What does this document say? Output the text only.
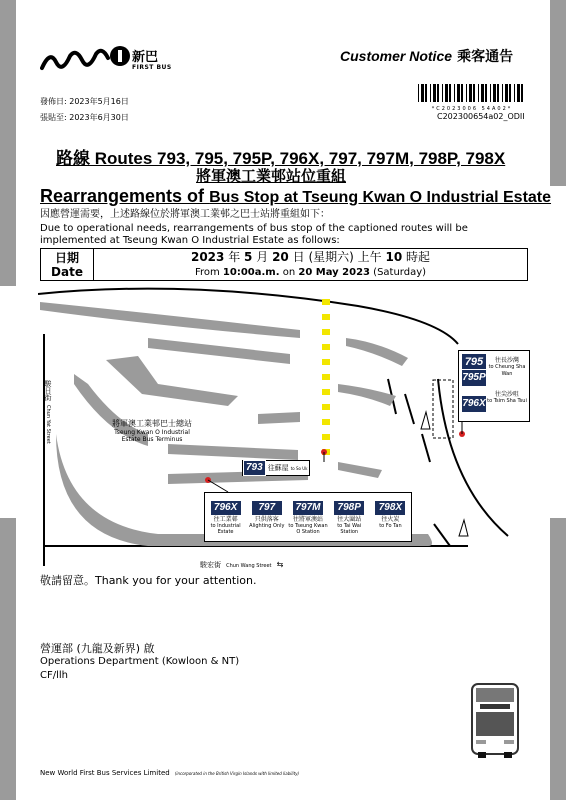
新巴
FIRST BUS
Customer Notice 乘客通告
*C2023006 54A02*
發佈日: 2023年5月16日
張貼至: 2023年6月30日	C202300654a02_ODII
路線 Routes 793, 795, 795P, 796X, 797, 797M, 798P, 798X
將軍澳工業邨站位重組
Rearrangements of Bus Stop at Tseung Kwan O Industrial Estate
因應營運需要，上述路線位於將軍澳工業邨之巴士站將重組如下：
Due to operational needs, rearrangements of bus stop of the captioned routes will be implemented at Tseung Kwan O Industrial Estate as follows:
日期
Date

2023 年 5 月 20 日 (星期六) 上午 10 時起
From 10:00a.m. on 20 May 2023 (Saturday)
駿日街
Chun Yat Street	將軍澳工業邨巴士總站
Tseung Kwan O Industrial Estate Bus Terminus
793 往蘇屋 to So Uk
795
795P
往長沙灣
to Cheung Sha Wan
796X
往尖沙咀
to Tsim Sha Tsui
796X
往工業邨
to Industrial Estate
797
只供落客
Alighting Only
797M
往將軍澳站
to Tseung Kwan O Station
798P
往大圍站
to Tai Wai Station
798X
往火炭
to Fo Tan
駿宏街 Chun Wang Street ⇆
敬請留意。Thank you for your attention.
營運部 (九龍及新界) 啟
Operations Department (Kowloon & NT)
CF/llh
New World First Bus Services Limited (incorporated in the British Virgin Islands with limited liability)
